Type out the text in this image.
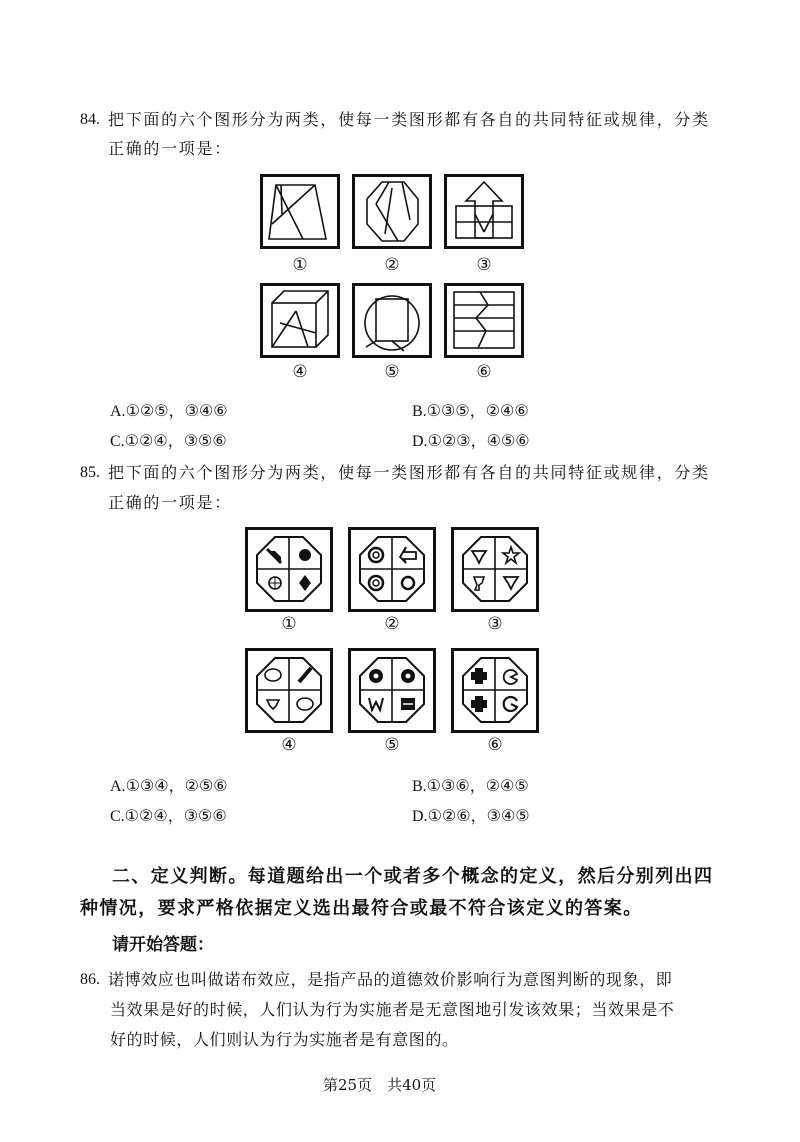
84. 把下面的六个图形分为两类，使每一类图形都有各自的共同特征或规律，分类
正确的一项是：
①	②	③
④	⑤	⑥
A.①②⑤，③④⑥	B.①③⑤，②④⑥
C.①②④，③⑤⑥	D.①②③，④⑤⑥
85. 把下面的六个图形分为两类，使每一类图形都有各自的共同特征或规律，分类
正确的一项是：
①	②	③
④	⑤	⑥
A.①③④，②⑤⑥	B.①③⑥，②④⑤
C.①②④，③⑤⑥	D.①②⑥，③④⑤
二、定义判断。每道题给出一个或者多个概念的定义，然后分别列出四
种情况，要求严格依据定义选出最符合或最不符合该定义的答案。
请开始答题：
86. 诺博效应也叫做诺布效应，是指产品的道德效价影响行为意图判断的现象，即
当效果是好的时候，人们认为行为实施者是无意图地引发该效果；当效果是不
好的时候，人们则认为行为实施者是有意图的。
第25页　共40页
